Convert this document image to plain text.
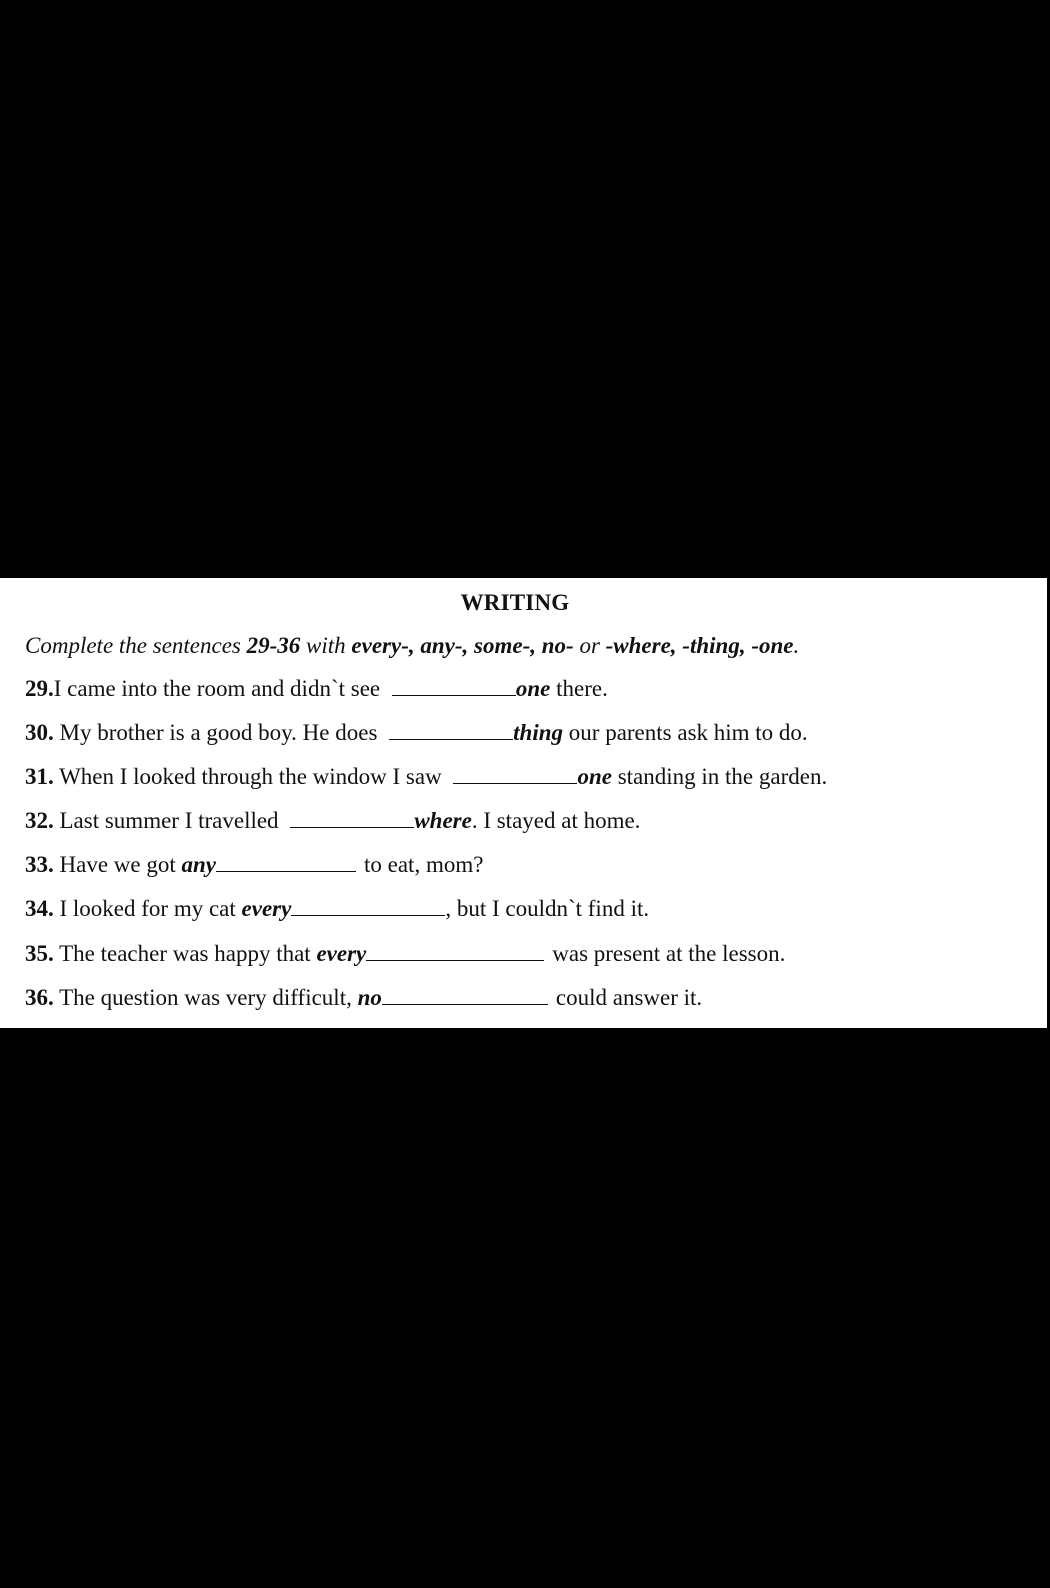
WRITING
Complete the sentences 29-36 with every-, any-, some-, no- or -where, -thing, -one.
29.I came into the room and didn`t see	one there.
30. My brother is a good boy. He does	thing our parents ask him to do.
31. When I looked through the window I saw	one standing in the garden.
32. Last summer I travelled	where. I stayed at home.
33. Have we got any	to eat, mom?
34. I looked for my cat every	, but I couldn`t find it.
35. The teacher was happy that every	was present at the lesson.
36. The question was very difficult, no	could answer it.
